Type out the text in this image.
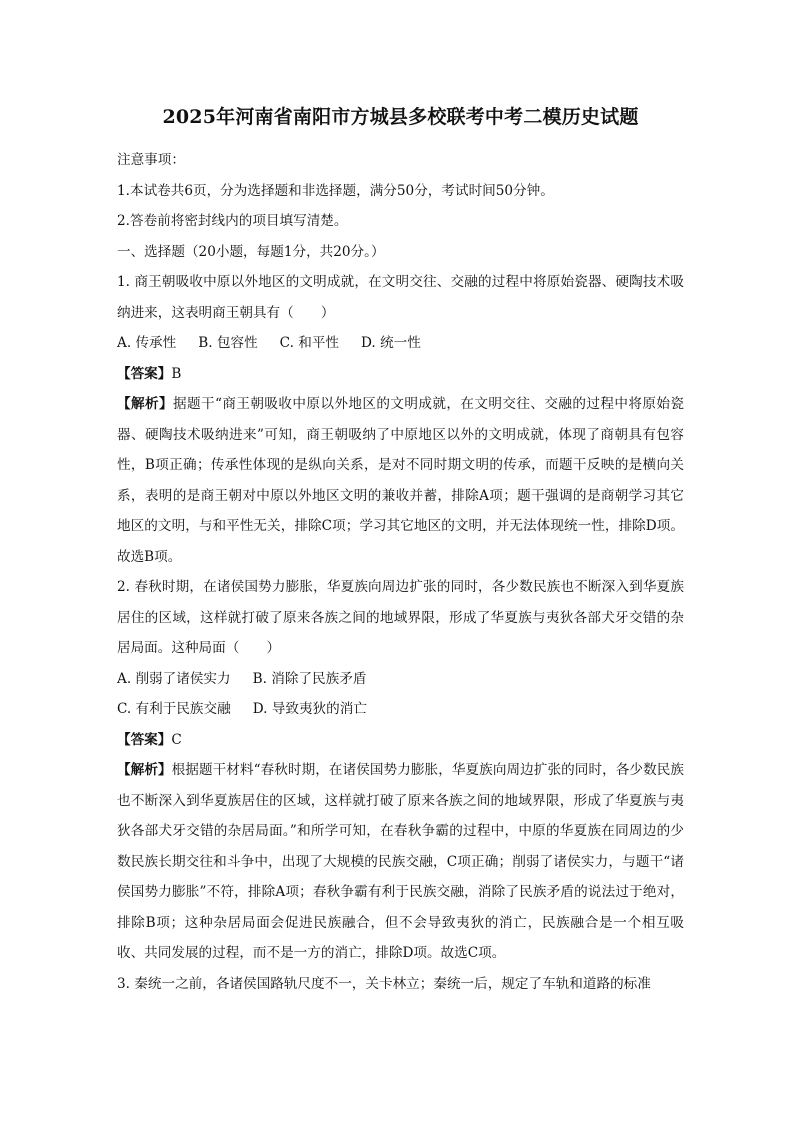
2025年河南省南阳市方城县多校联考中考二模历史试题

注意事项：

1.本试卷共6页，分为选择题和非选择题，满分50分，考试时间50分钟。

2.答卷前将密封线内的项目填写清楚。

一、选择题（20小题，每题1分，共20分。）

1. 商王朝吸收中原以外地区的文明成就，在文明交往、交融的过程中将原始瓷器、硬陶技术吸纳进来，这表明商王朝具有（　　）

A. 传承性 B. 包容性 C. 和平性 D. 统一性

【答案】B

【解析】据题干“商王朝吸收中原以外地区的文明成就，在文明交往、交融的过程中将原始瓷器、硬陶技术吸纳进来”可知，商王朝吸纳了中原地区以外的文明成就，体现了商朝具有包容性，B项正确；传承性体现的是纵向关系，是对不同时期文明的传承，而题干反映的是横向关系，表明的是商王朝对中原以外地区文明的兼收并蓄，排除A项；题干强调的是商朝学习其它地区的文明，与和平性无关，排除C项；学习其它地区的文明，并无法体现统一性，排除D项。故选B项。

2. 春秋时期，在诸侯国势力膨胀，华夏族向周边扩张的同时，各少数民族也不断深入到华夏族居住的区域，这样就打破了原来各族之间的地域界限，形成了华夏族与夷狄各部犬牙交错的杂居局面。这种局面（　　）

A. 削弱了诸侯实力 B. 消除了民族矛盾

C. 有利于民族交融 D. 导致夷狄的消亡

【答案】C

【解析】根据题干材料“春秋时期，在诸侯国势力膨胀，华夏族向周边扩张的同时，各少数民族也不断深入到华夏族居住的区域，这样就打破了原来各族之间的地域界限，形成了华夏族与夷狄各部犬牙交错的杂居局面。”和所学可知，在春秋争霸的过程中，中原的华夏族在同周边的少数民族长期交往和斗争中，出现了大规模的民族交融，C项正确；削弱了诸侯实力，与题干“诸侯国势力膨胀”不符，排除A项；春秋争霸有利于民族交融，消除了民族矛盾的说法过于绝对，排除B项；这种杂居局面会促进民族融合，但不会导致夷狄的消亡，民族融合是一个相互吸收、共同发展的过程，而不是一方的消亡，排除D项。故选C项。

3. 秦统一之前，各诸侯国路轨尺度不一，关卡林立；秦统一后，规定了车轨和道路的标准
